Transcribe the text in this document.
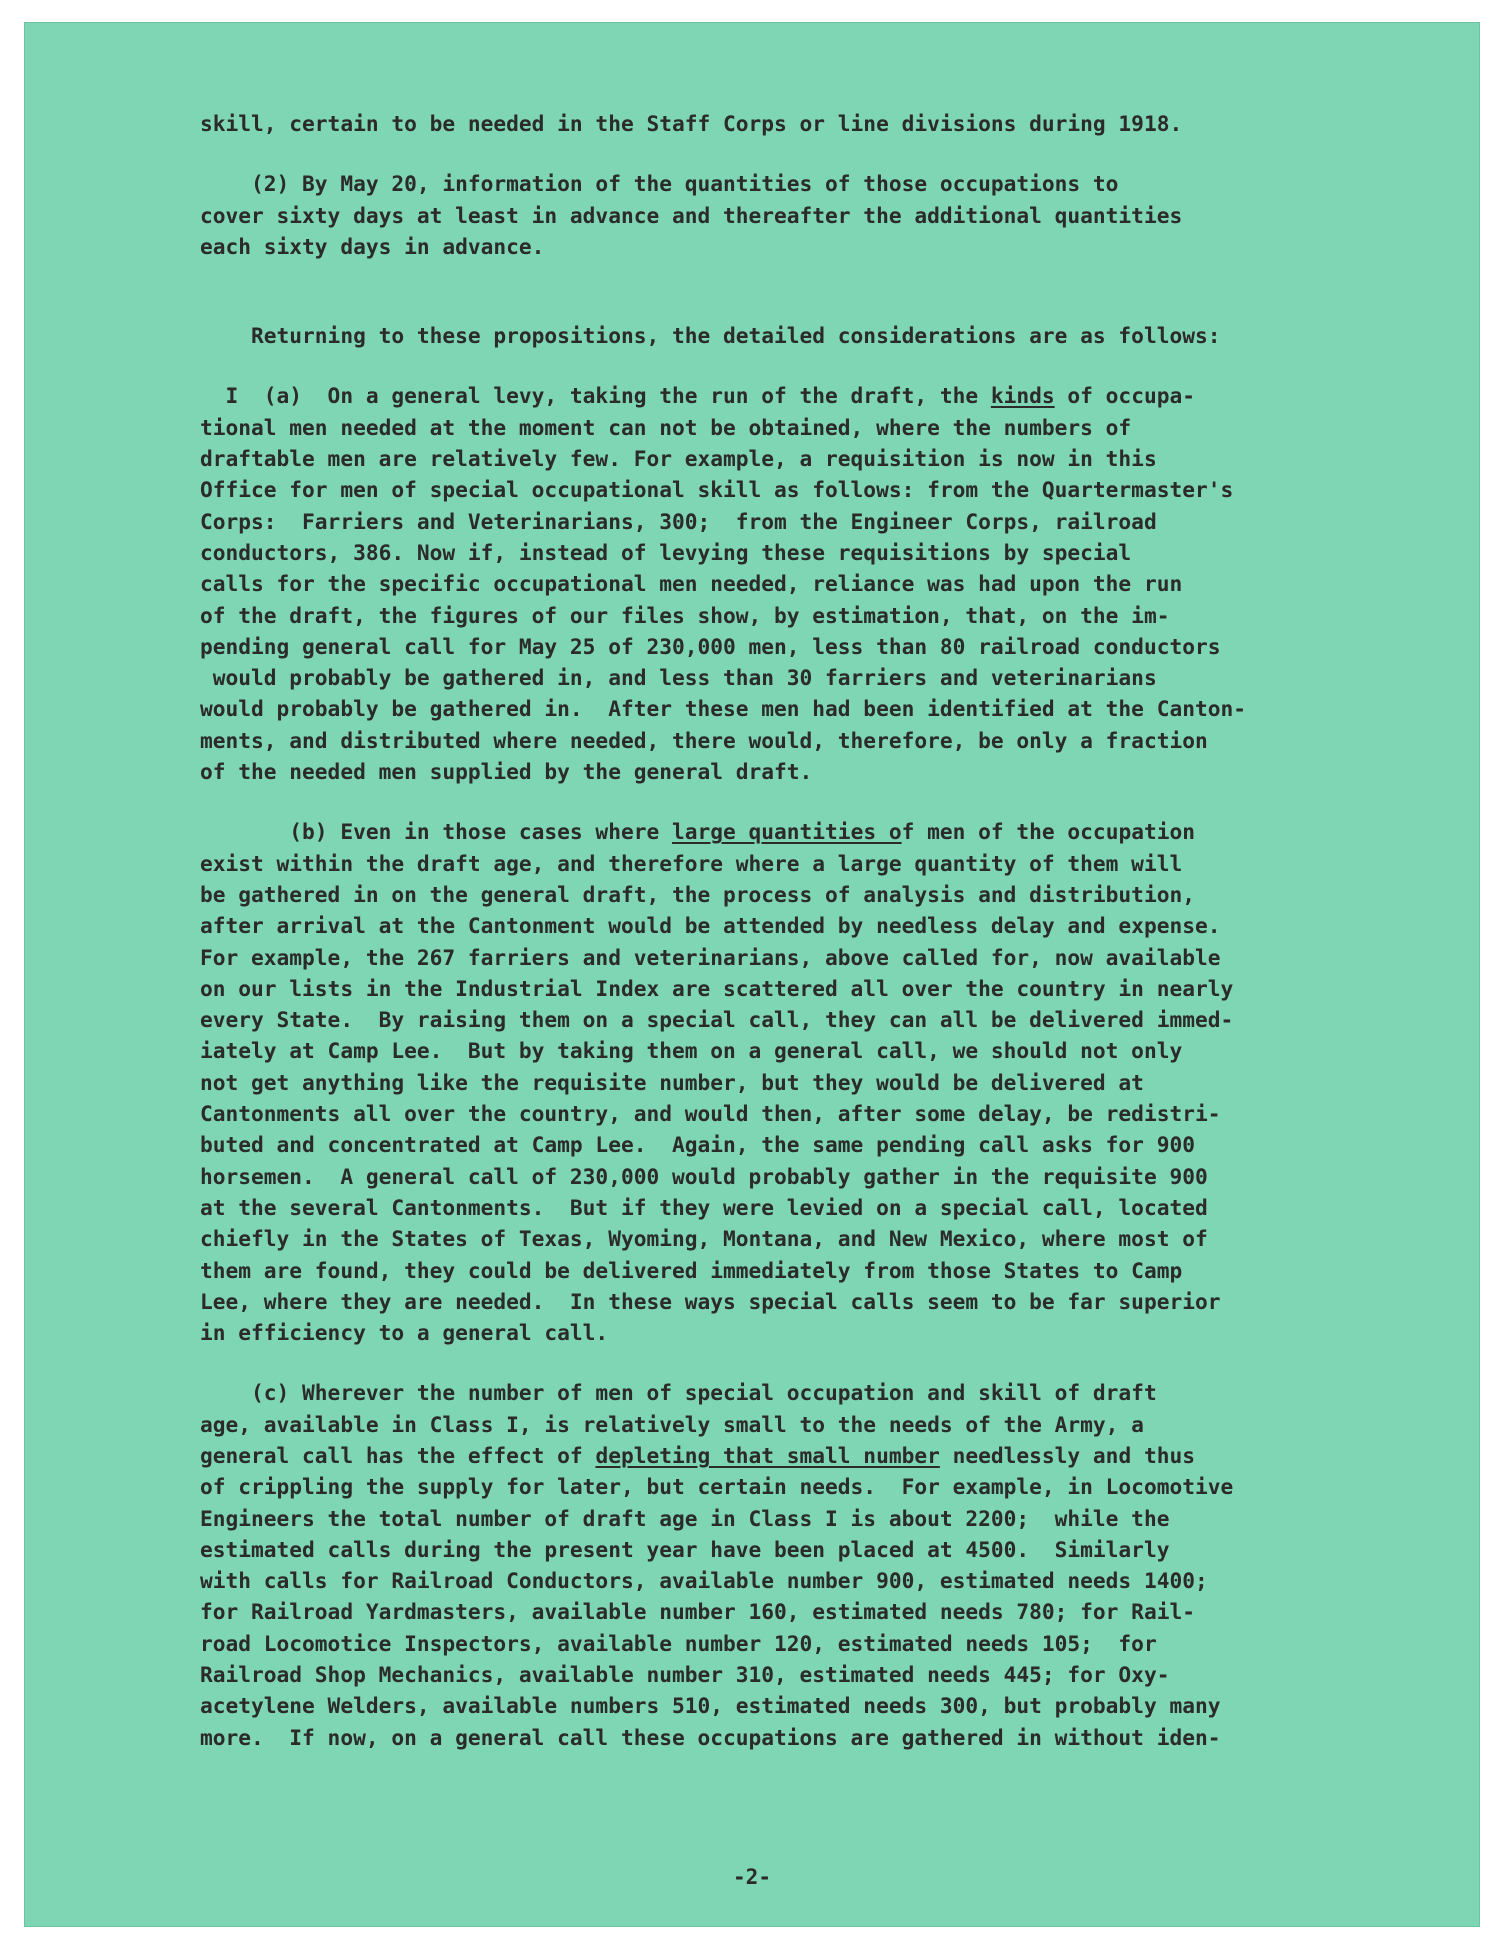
skill, certain to be needed in the Staff Corps or line divisions during 1918.
(2) By May 20, information of the quantities of those occupations to
cover sixty days at least in advance and thereafter the additional quantities
each sixty days in advance.
Returning to these propositions, the detailed considerations are as follows:
I  (a)  On a general levy, taking the run of the draft, the kinds of occupa-
tional men needed at the moment can not be obtained, where the numbers of
draftable men are relatively few. For example, a requisition is now in this
Office for men of special occupational skill as follows: from the Quartermaster's
Corps:  Farriers and Veterinarians, 300;  from the Engineer Corps, railroad
conductors, 386. Now if, instead of levying these requisitions by special
calls for the specific occupational men needed, reliance was had upon the run
of the draft, the figures of our files show, by estimation, that, on the im-
pending general call for May 25 of 230,000 men, less than 80 railroad conductors
would probably be gathered in, and less than 30 farriers and veterinarians
would probably be gathered in.  After these men had been identified at the Canton-
ments, and distributed where needed, there would, therefore, be only a fraction
of the needed men supplied by the general draft.
(b) Even in those cases where large quantities of men of the occupation
exist within the draft age, and therefore where a large quantity of them will
be gathered in on the general draft, the process of analysis and distribution,
after arrival at the Cantonment would be attended by needless delay and expense.
For example, the 267 farriers and veterinarians, above called for, now available
on our lists in the Industrial Index are scattered all over the country in nearly
every State.  By raising them on a special call, they can all be delivered immed-
iately at Camp Lee.  But by taking them on a general call, we should not only
not get anything like the requisite number, but they would be delivered at
Cantonments all over the country, and would then, after some delay, be redistri-
buted and concentrated at Camp Lee.  Again, the same pending call asks for 900
horsemen.  A general call of 230,000 would probably gather in the requisite 900
at the several Cantonments.  But if they were levied on a special call, located
chiefly in the States of Texas, Wyoming, Montana, and New Mexico, where most of
them are found, they could be delivered immediately from those States to Camp
Lee, where they are needed.  In these ways special calls seem to be far superior
in efficiency to a general call.
(c) Wherever the number of men of special occupation and skill of draft
age, available in Class I, is relatively small to the needs of the Army, a
general call has the effect of depleting that small number needlessly and thus
of crippling the supply for later, but certain needs.  For example, in Locomotive
Engineers the total number of draft age in Class I is about 2200;  while the
estimated calls during the present year have been placed at 4500.  Similarly
with calls for Railroad Conductors, available number 900, estimated needs 1400;
for Railroad Yardmasters, available number 160, estimated needs 780; for Rail-
road Locomotice Inspectors, available number 120, estimated needs 105;  for
Railroad Shop Mechanics, available number 310, estimated needs 445; for Oxy-
acetylene Welders, available numbers 510, estimated needs 300, but probably many
more.  If now, on a general call these occupations are gathered in without iden-
-2-
